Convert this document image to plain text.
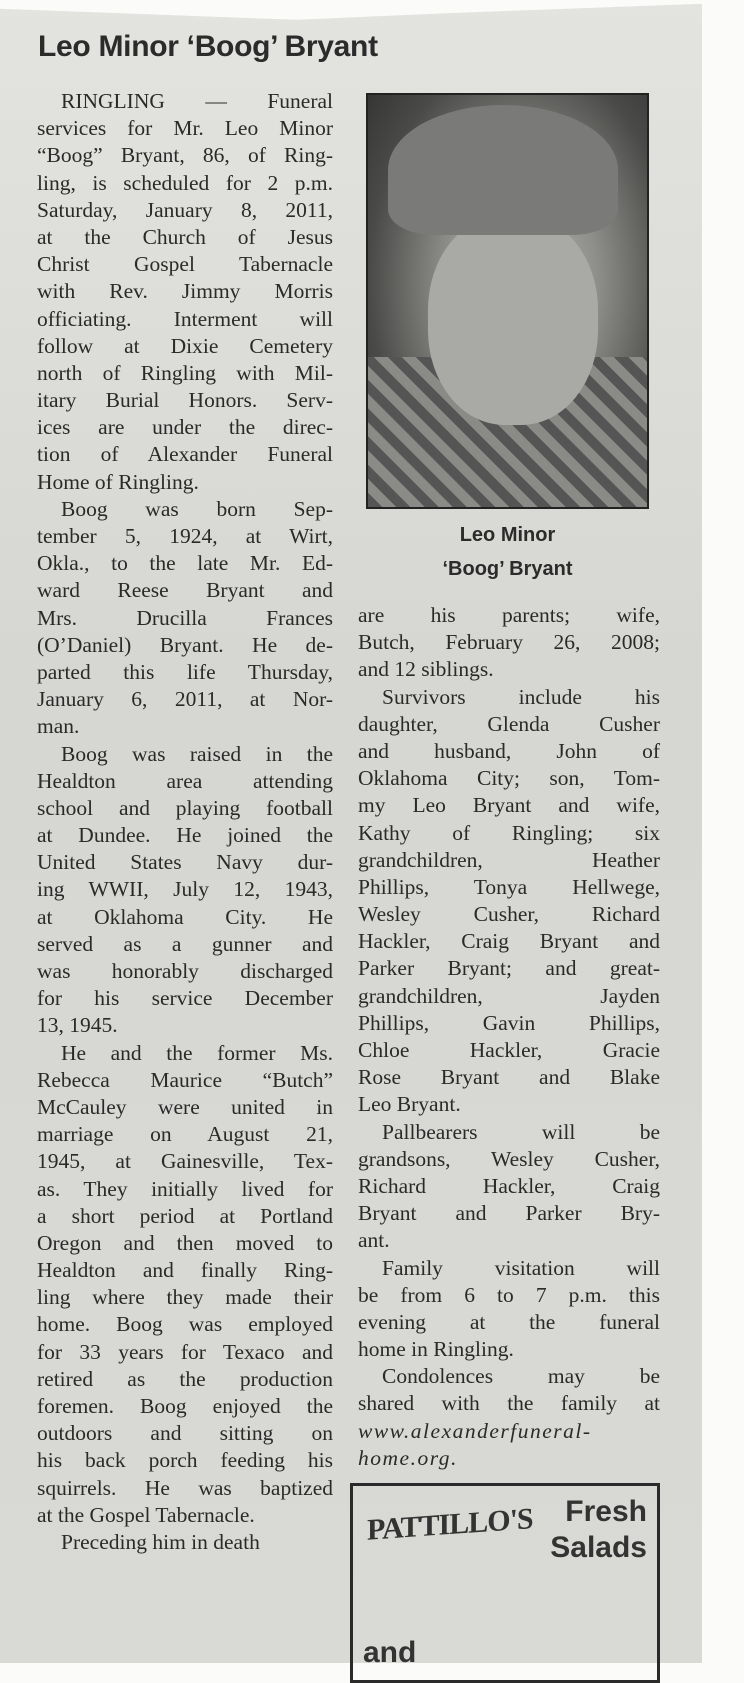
Leo Minor ‘Boog’ Bryant
RINGLING — Funeral
services for Mr. Leo Minor
“Boog” Bryant, 86, of Ring-
ling, is scheduled for 2 p.m.
Saturday, January 8, 2011,
at the Church of Jesus
Christ Gospel Tabernacle
with Rev. Jimmy Morris
officiating. Interment will
follow at Dixie Cemetery
north of Ringling with Mil-
itary Burial Honors. Serv-
ices are under the direc-
tion of Alexander Funeral
Home of Ringling.
Boog was born Sep-
tember 5, 1924, at Wirt,
Okla., to the late Mr. Ed-
ward Reese Bryant and
Mrs. Drucilla Frances
(O’Daniel) Bryant. He de-
parted this life Thursday,
January 6, 2011, at Nor-
man.
Boog was raised in the
Healdton area attending
school and playing football
at Dundee. He joined the
United States Navy dur-
ing WWII, July 12, 1943,
at Oklahoma City. He
served as a gunner and
was honorably discharged
for his service December
13, 1945.
He and the former Ms.
Rebecca Maurice “Butch”
McCauley were united in
marriage on August 21,
1945, at Gainesville, Tex-
as. They initially lived for
a short period at Portland
Oregon and then moved to
Healdton and finally Ring-
ling where they made their
home. Boog was employed
for 33 years for Texaco and
retired as the production
foremen. Boog enjoyed the
outdoors and sitting on
his back porch feeding his
squirrels. He was baptized
at the Gospel Tabernacle.
Preceding him in death
Leo Minor
‘Boog’ Bryant
are his parents; wife,
Butch, February 26, 2008;
and 12 siblings.
Survivors include his
daughter, Glenda Cusher
and husband, John of
Oklahoma City; son, Tom-
my Leo Bryant and wife,
Kathy of Ringling; six
grandchildren, Heather
Phillips, Tonya Hellwege,
Wesley Cusher, Richard
Hackler, Craig Bryant and
Parker Bryant; and great-
grandchildren, Jayden
Phillips, Gavin Phillips,
Chloe Hackler, Gracie
Rose Bryant and Blake
Leo Bryant.
Pallbearers will be
grandsons, Wesley Cusher,
Richard Hackler, Craig
Bryant and Parker Bry-
ant.
Family visitation will
be from 6 to 7 p.m. this
evening at the funeral
home in Ringling.
Condolences may be
shared with the family at
www.alexanderfuneral-
home.org.
PATTILLO'S	Fresh
Salads
and
